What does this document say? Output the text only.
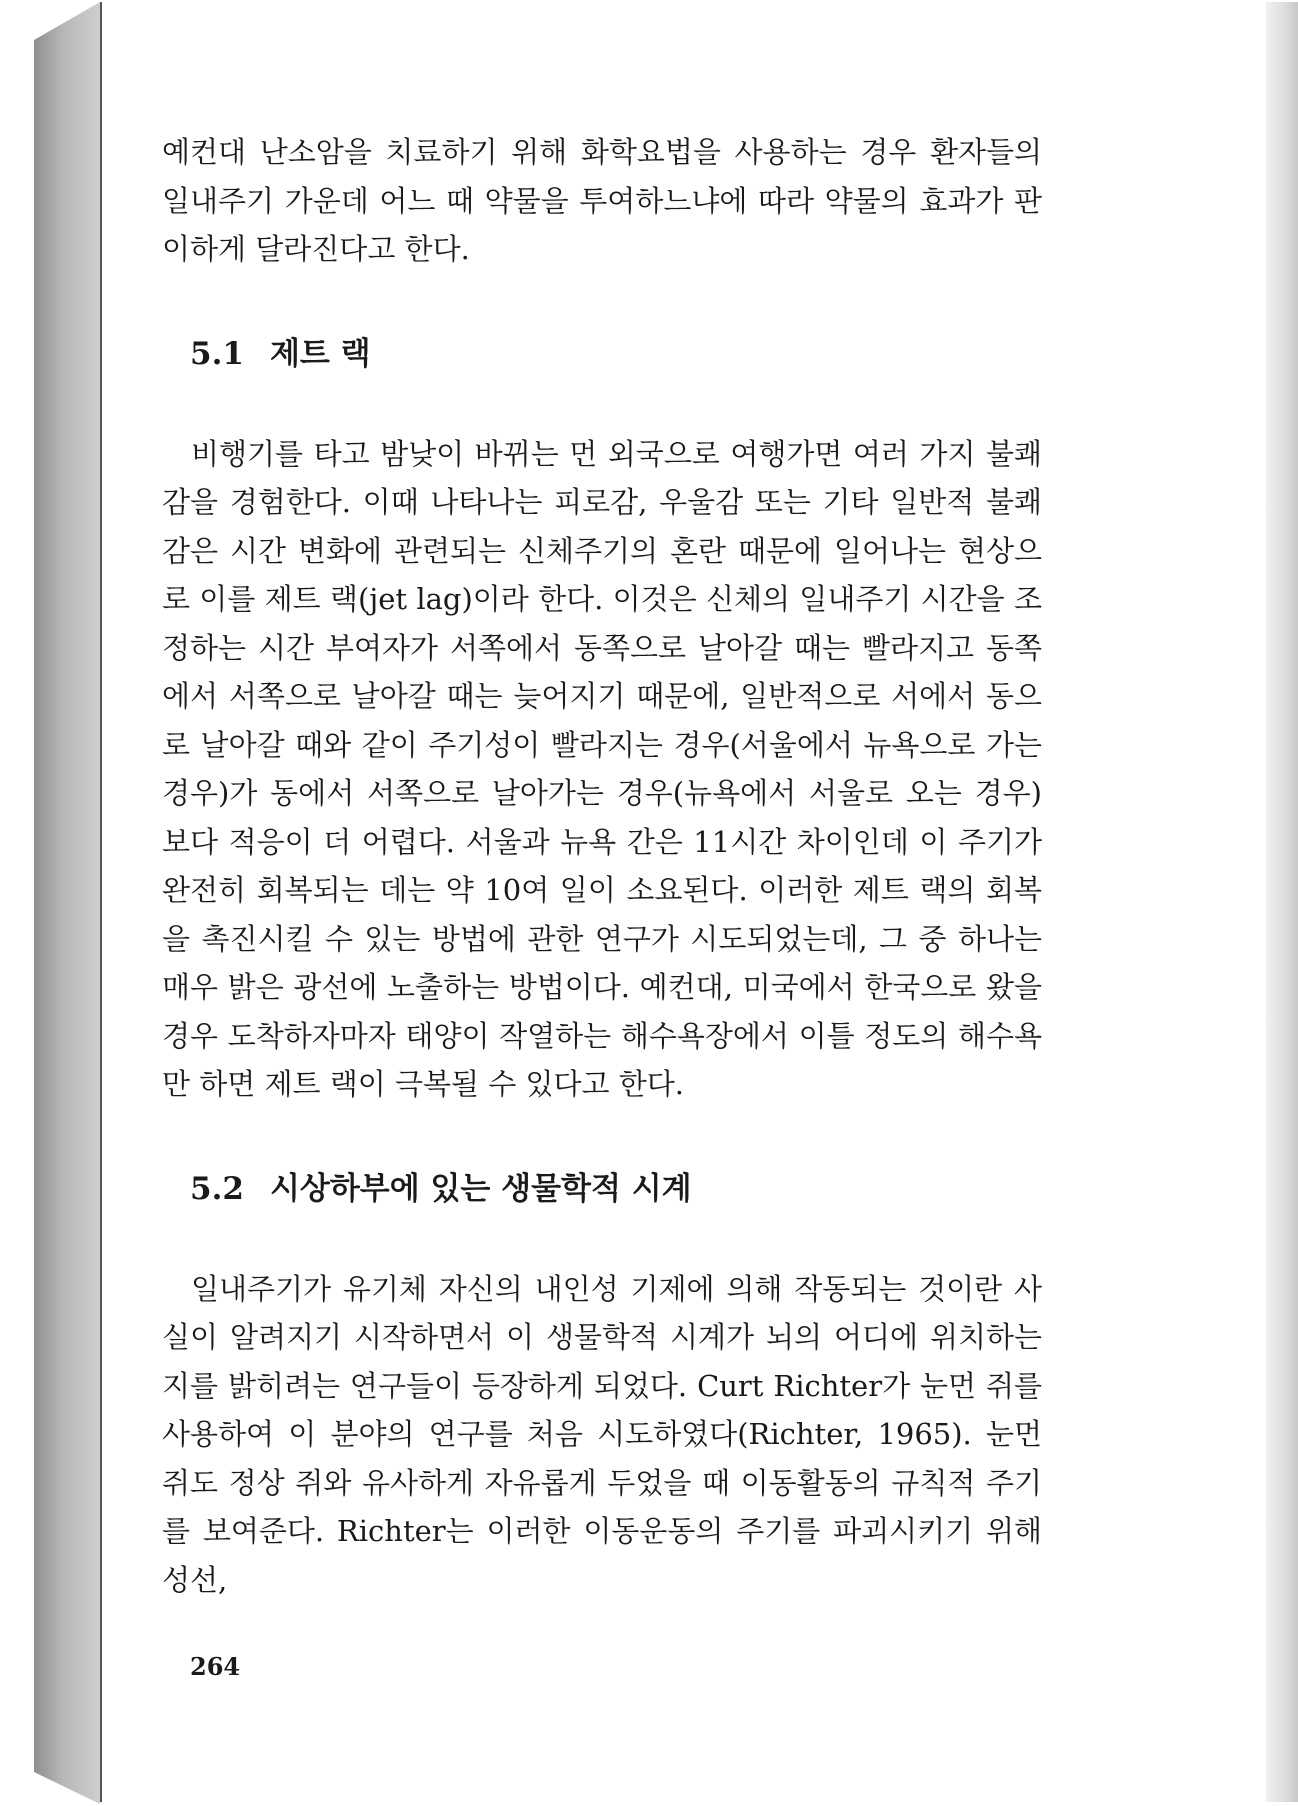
예컨대 난소암을 치료하기 위해 화학요법을 사용하는 경우 환자들의 일내주기 가운데 어느 때 약물을 투여하느냐에 따라 약물의 효과가 판이하게 달라진다고 한다.

5.1 제트 랙

비행기를 타고 밤낮이 바뀌는 먼 외국으로 여행가면 여러 가지 불쾌감을 경험한다. 이때 나타나는 피로감, 우울감 또는 기타 일반적 불쾌감은 시간 변화에 관련되는 신체주기의 혼란 때문에 일어나는 현상으로 이를 제트 랙(jet lag)이라 한다. 이것은 신체의 일내주기 시간을 조정하는 시간 부여자가 서쪽에서 동쪽으로 날아갈 때는 빨라지고 동쪽에서 서쪽으로 날아갈 때는 늦어지기 때문에, 일반적으로 서에서 동으로 날아갈 때와 같이 주기성이 빨라지는 경우(서울에서 뉴욕으로 가는 경우)가 동에서 서쪽으로 날아가는 경우(뉴욕에서 서울로 오는 경우)보다 적응이 더 어렵다. 서울과 뉴욕 간은 11시간 차이인데 이 주기가 완전히 회복되는 데는 약 10여 일이 소요된다. 이러한 제트 랙의 회복을 촉진시킬 수 있는 방법에 관한 연구가 시도되었는데, 그 중 하나는 매우 밝은 광선에 노출하는 방법이다. 예컨대, 미국에서 한국으로 왔을 경우 도착하자마자 태양이 작열하는 해수욕장에서 이틀 정도의 해수욕만 하면 제트 랙이 극복될 수 있다고 한다.

5.2 시상하부에 있는 생물학적 시계

일내주기가 유기체 자신의 내인성 기제에 의해 작동되는 것이란 사실이 알려지기 시작하면서 이 생물학적 시계가 뇌의 어디에 위치하는지를 밝히려는 연구들이 등장하게 되었다. Curt Richter가 눈먼 쥐를 사용하여 이 분야의 연구를 처음 시도하였다(Richter, 1965). 눈먼 쥐도 정상 쥐와 유사하게 자유롭게 두었을 때 이동활동의 규칙적 주기를 보여준다. Richter는 이러한 이동운동의 주기를 파괴시키기 위해 성선,

264
